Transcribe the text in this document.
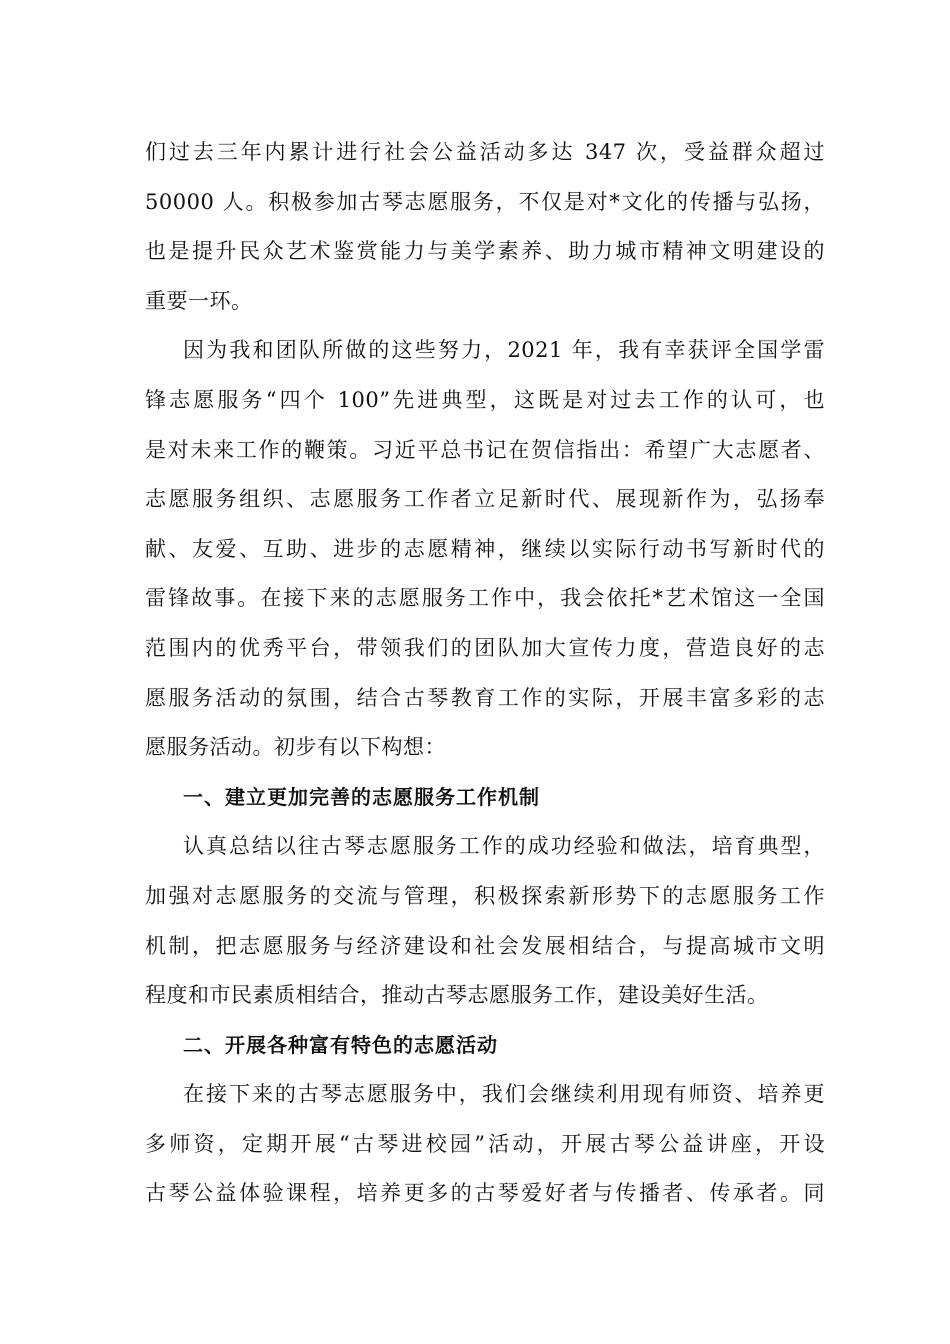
们过去三年内累计进行社会公益活动多达 347 次，受益群众超过
50000 人。积极参加古琴志愿服务，不仅是对*文化的传播与弘扬，
也是提升民众艺术鉴赏能力与美学素养、助力城市精神文明建设的
重要一环。
因为我和团队所做的这些努力，2021 年，我有幸获评全国学雷
锋志愿服务“四个 100”先进典型，这既是对过去工作的认可，也
是对未来工作的鞭策。习近平总书记在贺信指出：希望广大志愿者、
志愿服务组织、志愿服务工作者立足新时代、展现新作为，弘扬奉
献、友爱、互助、进步的志愿精神，继续以实际行动书写新时代的
雷锋故事。在接下来的志愿服务工作中，我会依托*艺术馆这一全国
范围内的优秀平台，带领我们的团队加大宣传力度，营造良好的志
愿服务活动的氛围，结合古琴教育工作的实际，开展丰富多彩的志
愿服务活动。初步有以下构想：
一、建立更加完善的志愿服务工作机制
认真总结以往古琴志愿服务工作的成功经验和做法，培育典型，
加强对志愿服务的交流与管理，积极探索新形势下的志愿服务工作
机制，把志愿服务与经济建设和社会发展相结合，与提高城市文明
程度和市民素质相结合，推动古琴志愿服务工作，建设美好生活。
二、开展各种富有特色的志愿活动
在接下来的古琴志愿服务中，我们会继续利用现有师资、培养更
多师资，定期开展“古琴进校园”活动，开展古琴公益讲座，开设
古琴公益体验课程，培养更多的古琴爱好者与传播者、传承者。同
